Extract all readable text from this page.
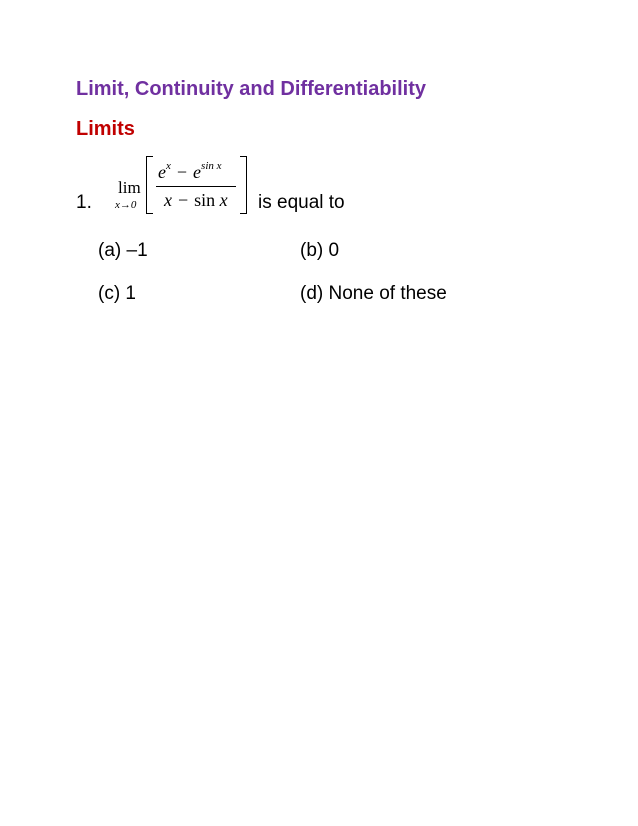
Limit, Continuity and Differentiability
Limits
1.
lim
x→0
$e^x - e^{sin x}$
x − sin x is equal to
(a) –1	(b) 0
(c) 1	(d) None of these
